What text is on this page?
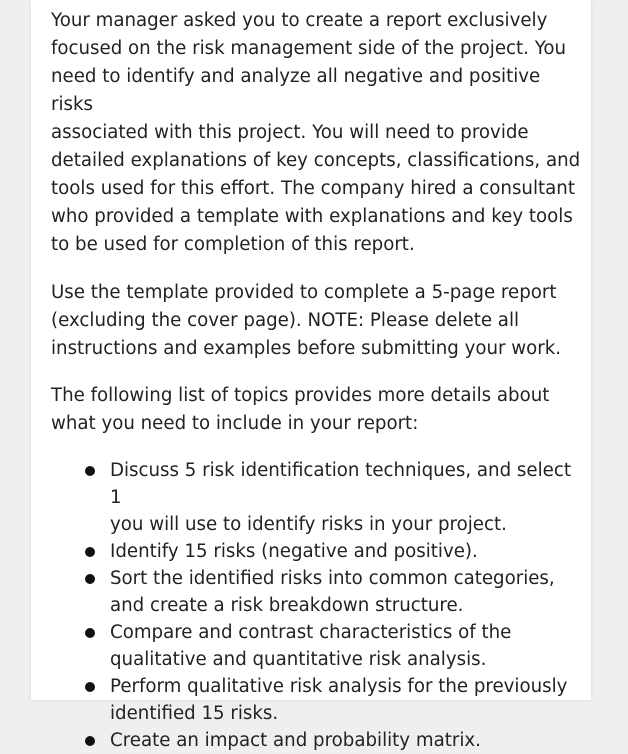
Your manager asked you to create a report exclusively
focused on the risk management side of the project. You
need to identify and analyze all negative and positive risks
associated with this project. You will need to provide
detailed explanations of key concepts, classifications, and
tools used for this effort. The company hired a consultant
who provided a template with explanations and key tools
to be used for completion of this report.

Use the template provided to complete a 5-page report
(excluding the cover page). NOTE: Please delete all
instructions and examples before submitting your work.

The following list of topics provides more details about
what you need to include in your report:

Discuss 5 risk identification techniques, and select 1
you will use to identify risks in your project.
Identify 15 risks (negative and positive).
Sort the identified risks into common categories,
and create a risk breakdown structure.
Compare and contrast characteristics of the
qualitative and quantitative risk analysis.
Perform qualitative risk analysis for the previously
identified 15 risks.
Create an impact and probability matrix.
